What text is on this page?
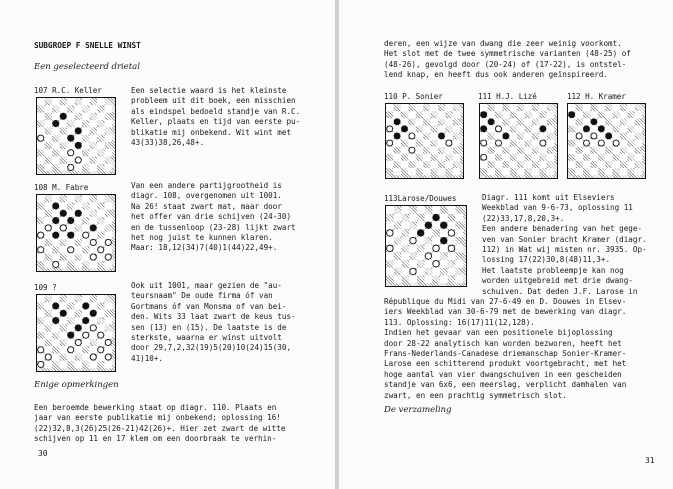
SUBGROEP F SNELLE WINST
Een geselecteerd drietal
107 R.C. Keller	Een selectie waard is het kleinste
probleem uit dit boek, een misschien
als eindspel bedoeld standje van R.C.
Keller, plaats en tijd van eerste pu-
blikatie mij onbekend. Wit wint met
43(33)38,26,48+.
108 M. Fabre	Van een andere partijgrootheid is
diagr. 108, overgenomen uit 1001.
Na 26! staat zwart mat, maar door
het offer van drie schijven (24-30)
en de tussenloop (23-28) lijkt zwart
het nog juist te kunnen klaren.
Maar: 18,12(34)7(40)1(44)22,49+.
109 ?	Ook uit 1001, maar gezien de "au-
teursnaam" De oude firma óf van
Gortmans óf van Monsma of van bei-
den. Wits 33 laat zwart de keus tus-
sen (13) en (15). De laatste is de
sterkste, waarna er winst uitvolt
door 29,7,2,32(19)5(20)10(24)15(30,
41)10+.
Enige opmerkingen
Een beroemde bewerking staat op diagr. 110. Plaats en
jaar van eerste publikatie mij onbekend; oplossing 16!
(22)32,8,3(26)25(26-21)42(26)+. Hier zet zwart de witte
schijven op 11 en 17 klem om een doorbraak te verhin-
30
deren, een wijze van dwang die zeer weinig voorkomt.
Het slot met de twee symmetrische varianten (48-25) of
(48-26), gevolgd door (20-24) of (17-22), is ontstel-
lend knap, en heeft dus ook anderen geïnspireerd.
110 P. Sonier	111 H.J. Lizé	112 H. Kramer
113Larose/Douwes	Diagr. 111 komt uit Elseviers
Weekblad van 9-6-73, oplossing 11
(22)33,17,8,20,3+.
Een andere benadering van het gege-
ven van Sonier bracht Kramer (diagr.
112) in Wat wij misten nr. 3935. Op-
lossing 17(22)30,8(48)11,3+.
Het laatste probleempje kan nog
worden uitgebreid met drie dwang-
schuiven. Dat deden J.F. Larose in
République du Midi van 27-6-49 en D. Douwes in Elsev-
iers Weekblad van 30-6-79 met de bewerking van diagr.
113. Oplossing: 16(17)11(12,128).
Indien het gevaar van een positionele bijoplossing
door 28-22 analytisch kan worden bezworen, heeft het
Frans-Nederlands-Canadese driemanschap Sonier-Kramer-
Larose een schitterend produkt voortgebracht, met het
hoge aantal van vier dwangschuiven in een gescheiden
standje van 6x6, een meerslag, verplicht damhalen van
zwart, en een prachtig symmetrisch slot.
De verzameling
31
